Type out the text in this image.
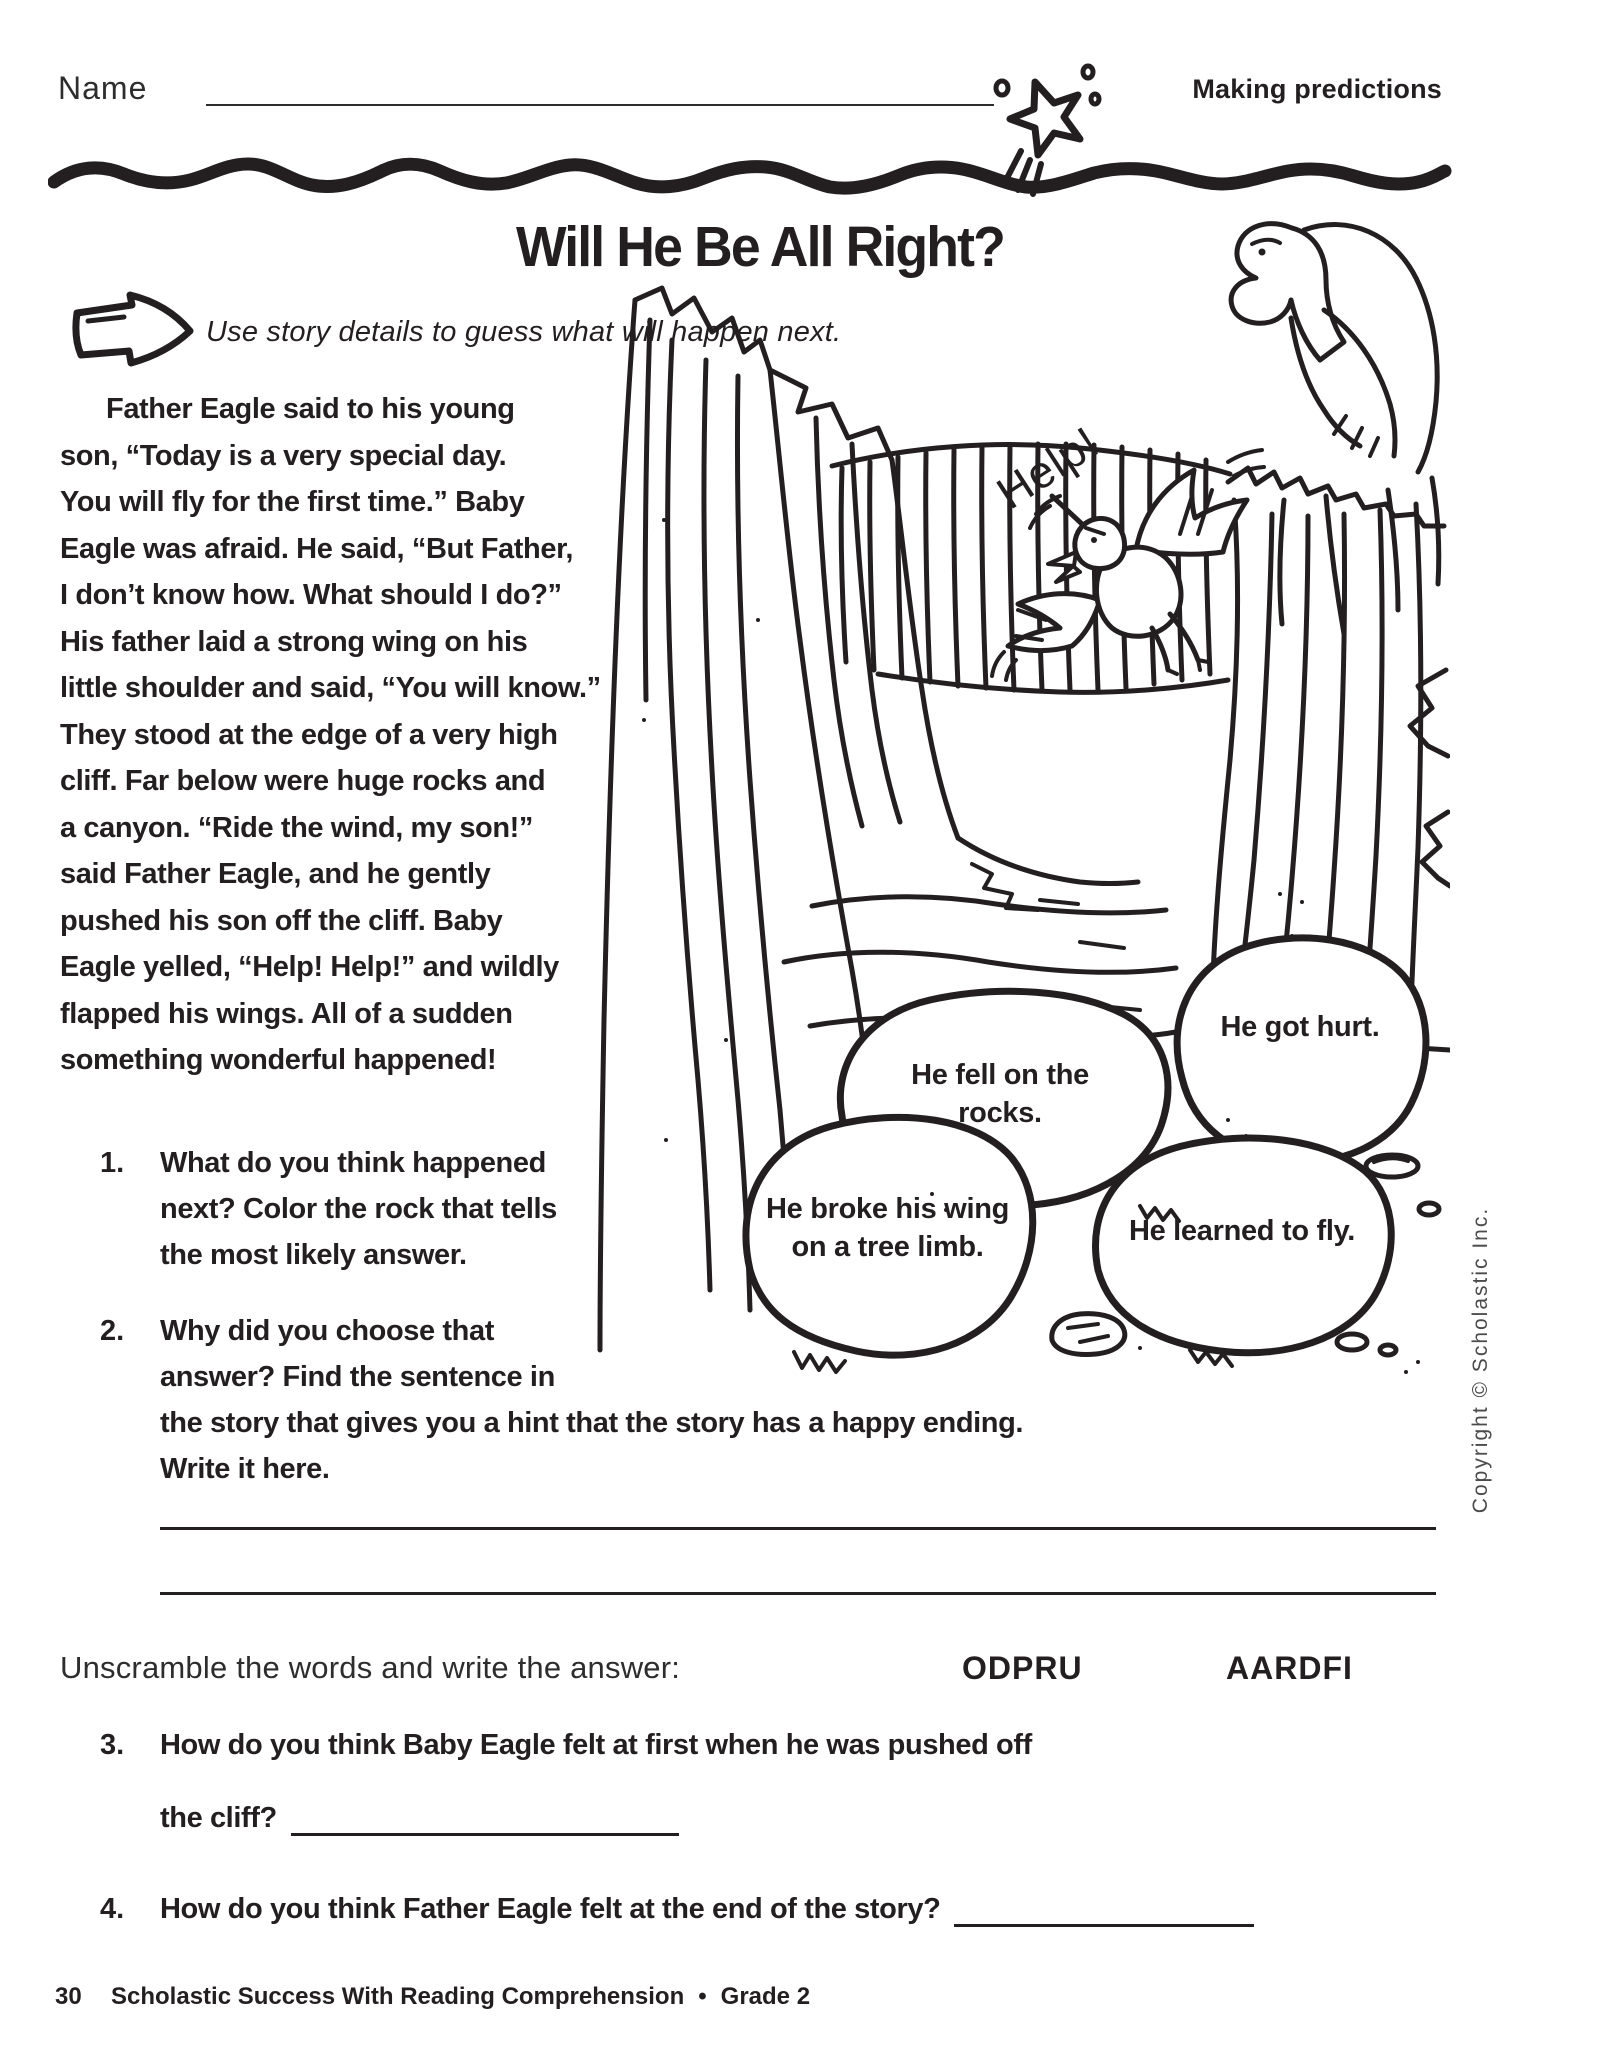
Name	Making predictions
Will He Be All Right?
Use story details to guess what will happen next.
Help!
He fell on the rocks.
He got hurt.
He broke his wing on a tree limb.	He learned to fly.
Father Eagle said to his young
son, “Today is a very special day.
You will fly for the first time.” Baby
Eagle was afraid. He said, “But Father,
I don’t know how. What should I do?”
His father laid a strong wing on his
little shoulder and said, “You will know.”
They stood at the edge of a very high
cliff. Far below were huge rocks and
a canyon. “Ride the wind, my son!”
said Father Eagle, and he gently
pushed his son off the cliff. Baby
Eagle yelled, “Help! Help!” and wildly
flapped his wings. All of a sudden
something wonderful happened!
1.	What do you think happened
next? Color the rock that tells
the most likely answer.
2.	Why did you choose that
answer? Find the sentence in
the story that gives you a hint that the story has a happy ending.
Write it here.
Unscramble the words and write the answer:	ODPRU	AARDFI
3.	How do you think Baby Eagle felt at first when he was pushed off
the cliff?
4.	How do you think Father Eagle felt at the end of the story?
Copyright © Scholastic Inc.
30	Scholastic Success With Reading Comprehension • Grade 2
